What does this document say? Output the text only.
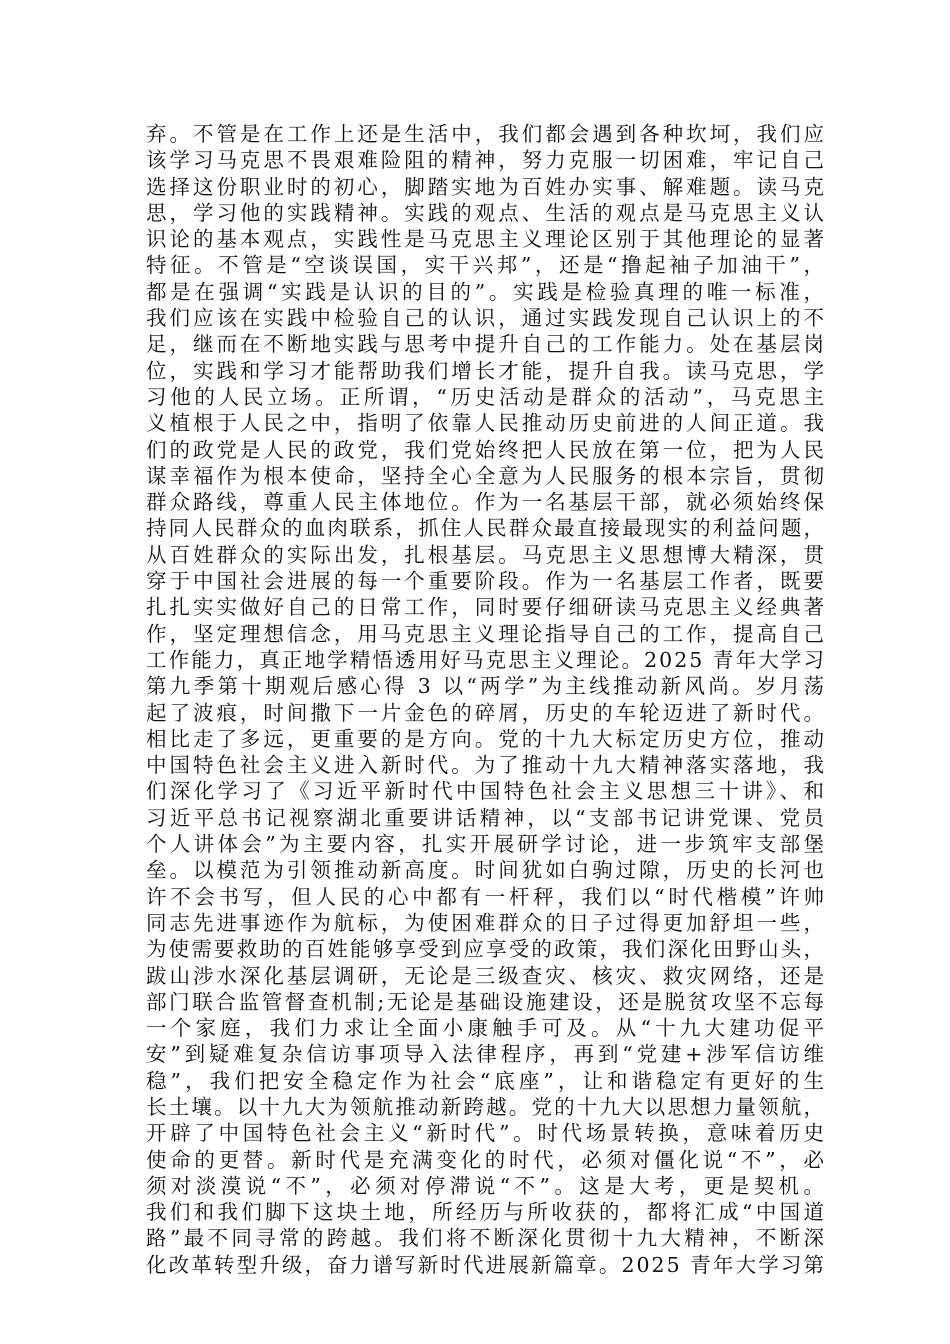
弃。不管是在工作上还是生活中，我们都会遇到各种坎坷，我们应
该学习马克思不畏艰难险阻的精神，努力克服一切困难，牢记自己
选择这份职业时的初心，脚踏实地为百姓办实事、解难题。读马克
思，学习他的实践精神。实践的观点、生活的观点是马克思主义认
识论的基本观点，实践性是马克思主义理论区别于其他理论的显著
特征。不管是“空谈误国，实干兴邦”，还是“撸起袖子加油干”，
都是在强调“实践是认识的目的”。实践是检验真理的唯一标准，
我们应该在实践中检验自己的认识，通过实践发现自己认识上的不
足，继而在不断地实践与思考中提升自己的工作能力。处在基层岗
位，实践和学习才能帮助我们增长才能，提升自我。读马克思，学
习他的人民立场。正所谓，“历史活动是群众的活动”，马克思主
义植根于人民之中，指明了依靠人民推动历史前进的人间正道。我
们的政党是人民的政党，我们党始终把人民放在第一位，把为人民
谋幸福作为根本使命，坚持全心全意为人民服务的根本宗旨，贯彻
群众路线，尊重人民主体地位。作为一名基层干部，就必须始终保
持同人民群众的血肉联系，抓住人民群众最直接最现实的利益问题，
从百姓群众的实际出发，扎根基层。马克思主义思想博大精深，贯
穿于中国社会进展的每一个重要阶段。作为一名基层工作者，既要
扎扎实实做好自己的日常工作，同时要仔细研读马克思主义经典著
作，坚定理想信念，用马克思主义理论指导自己的工作，提高自己
工作能力，真正地学精悟透用好马克思主义理论。2025 青年大学习
第九季第十期观后感心得 3 以“两学”为主线推动新风尚。岁月荡
起了波痕，时间撒下一片金色的碎屑，历史的车轮迈进了新时代。
相比走了多远，更重要的是方向。党的十九大标定历史方位，推动
中国特色社会主义进入新时代。为了推动十九大精神落实落地，我
们深化学习了《习近平新时代中国特色社会主义思想三十讲》、和
习近平总书记视察湖北重要讲话精神，以“支部书记讲党课、党员
个人讲体会”为主要内容，扎实开展研学讨论，进一步筑牢支部堡
垒。以模范为引领推动新高度。时间犹如白驹过隙，历史的长河也
许不会书写，但人民的心中都有一杆秤，我们以“时代楷模”许帅
同志先进事迹作为航标，为使困难群众的日子过得更加舒坦一些，
为使需要救助的百姓能够享受到应享受的政策，我们深化田野山头，
跋山涉水深化基层调研，无论是三级查灾、核灾、救灾网络，还是
部门联合监管督查机制;无论是基础设施建设，还是脱贫攻坚不忘每
一个家庭，我们力求让全面小康触手可及。从“十九大建功促平
安”到疑难复杂信访事项导入法律程序，再到“党建+涉军信访维
稳”，我们把安全稳定作为社会“底座”，让和谐稳定有更好的生
长土壤。以十九大为领航推动新跨越。党的十九大以思想力量领航，
开辟了中国特色社会主义“新时代”。时代场景转换，意味着历史
使命的更替。新时代是充满变化的时代，必须对僵化说“不”，必
须对淡漠说“不”，必须对停滞说“不”。这是大考，更是契机。
我们和我们脚下这块土地，所经历与所收获的，都将汇成“中国道
路”最不同寻常的跨越。我们将不断深化贯彻十九大精神，不断深
化改革转型升级，奋力谱写新时代进展新篇章。2025 青年大学习第
